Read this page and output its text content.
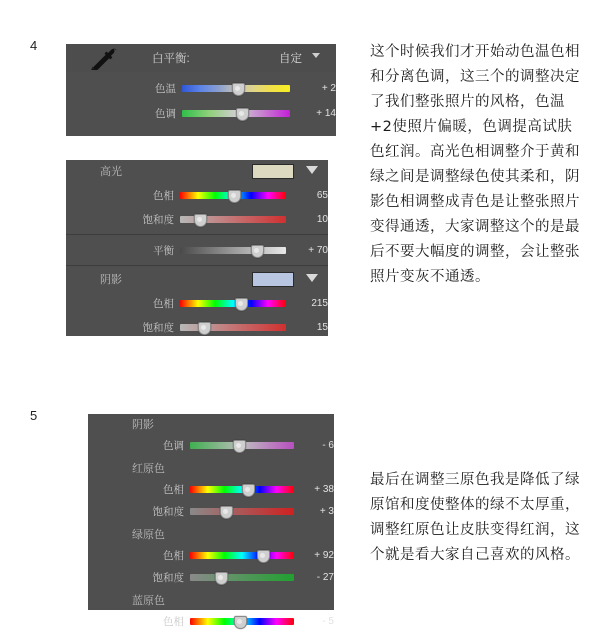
4
白平衡:	自定
色温	+ 2
色调	+ 14
高光
色相	65
饱和度	10
平衡	+ 70
阴影
色相	215
饱和度	15
这个时候我们才开始动色温色相和分离色调，这三个的调整决定了我们整张照片的风格，色温+2使照片偏暖，色调提高试肤色红润。高光色相调整介于黄和绿之间是调整绿色使其柔和，阴影色相调整成青色是让整张照片变得通透，大家调整这个的是最后不要大幅度的调整，会让整张照片变灰不通透。
5
阴影
色调	- 6
红原色
色相	+ 38
饱和度	+ 3
绿原色
色相	+ 92
饱和度	- 27
蓝原色
色相	- 5
最后在调整三原色我是降低了绿原馆和度使整体的绿不太厚重，调整红原色让皮肤变得红润，这个就是看大家自己喜欢的风格。
